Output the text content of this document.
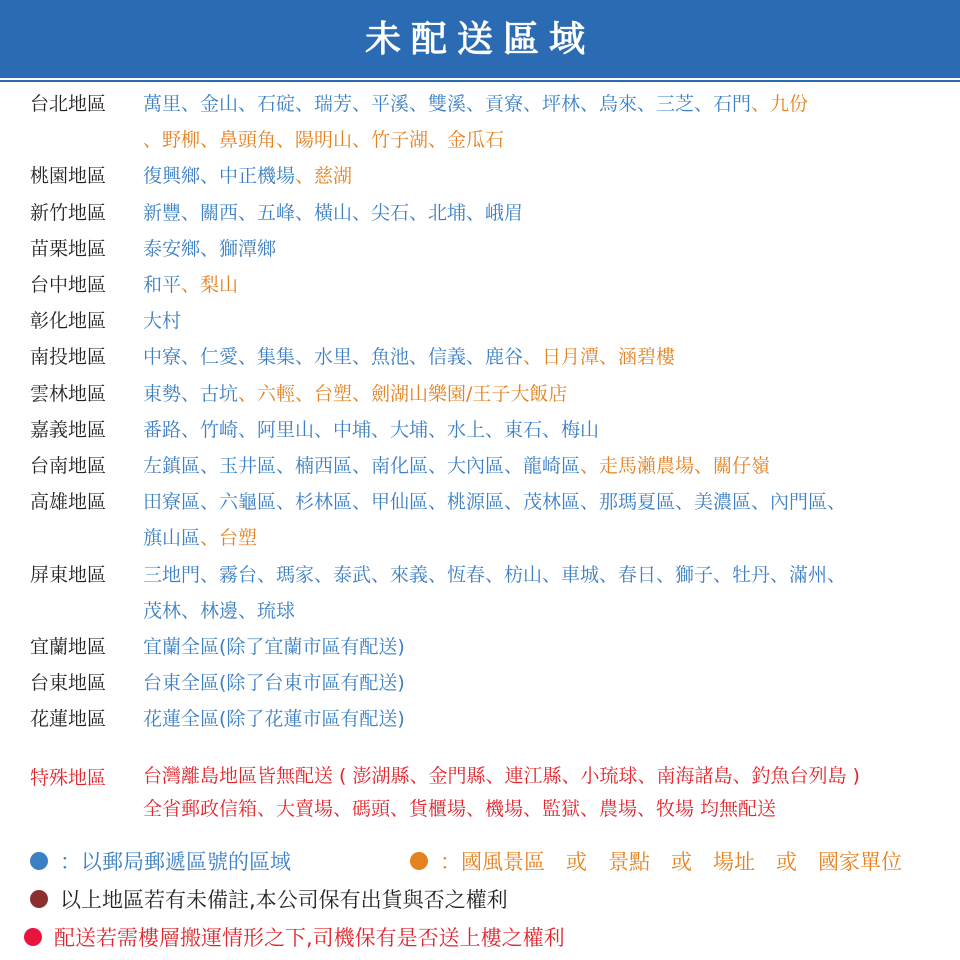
未配送區域
台北地區 萬里、金山、石碇、瑞芳、平溪、雙溪、貢寮、坪林、烏來、三芝、石門、九份
、野柳、鼻頭角、陽明山、竹子湖、金瓜石
桃園地區 復興鄉、中正機場、慈湖
新竹地區 新豐、關西、五峰、橫山、尖石、北埔、峨眉
苗栗地區 泰安鄉、獅潭鄉
台中地區 和平、梨山
彰化地區 大村
南投地區 中寮、仁愛、集集、水里、魚池、信義、鹿谷、日月潭、涵碧樓
雲林地區 東勢、古坑、六輕、台塑、劍湖山樂園/王子大飯店
嘉義地區 番路、竹崎、阿里山、中埔、大埔、水上、東石、梅山
台南地區 左鎮區、玉井區、楠西區、南化區、大內區、龍崎區、走馬瀨農場、關仔嶺
高雄地區 田寮區、六龜區、杉林區、甲仙區、桃源區、茂林區、那瑪夏區、美濃區、內門區、
旗山區、台塑
屏東地區 三地門、霧台、瑪家、泰武、來義、恆春、枋山、車城、春日、獅子、牡丹、滿州、
茂林、林邊、琉球
宜蘭地區 宜蘭全區(除了宜蘭市區有配送)
台東地區 台東全區(除了台東市區有配送)
花蓮地區 花蓮全區(除了花蓮市區有配送)
特殊地區 台灣離島地區皆無配送 ( 澎湖縣、金門縣、連江縣、小琉球、南海諸島、釣魚台列島 )
全省郵政信箱、大賣場、碼頭、貨櫃場、機場、監獄、農場、牧場 均無配送
：以郵局郵遞區號的區域	：國風景區　或　景點　或　場址　或　國家單位
以上地區若有未備註,本公司保有出貨與否之權利
配送若需樓層搬運情形之下,司機保有是否送上樓之權利
